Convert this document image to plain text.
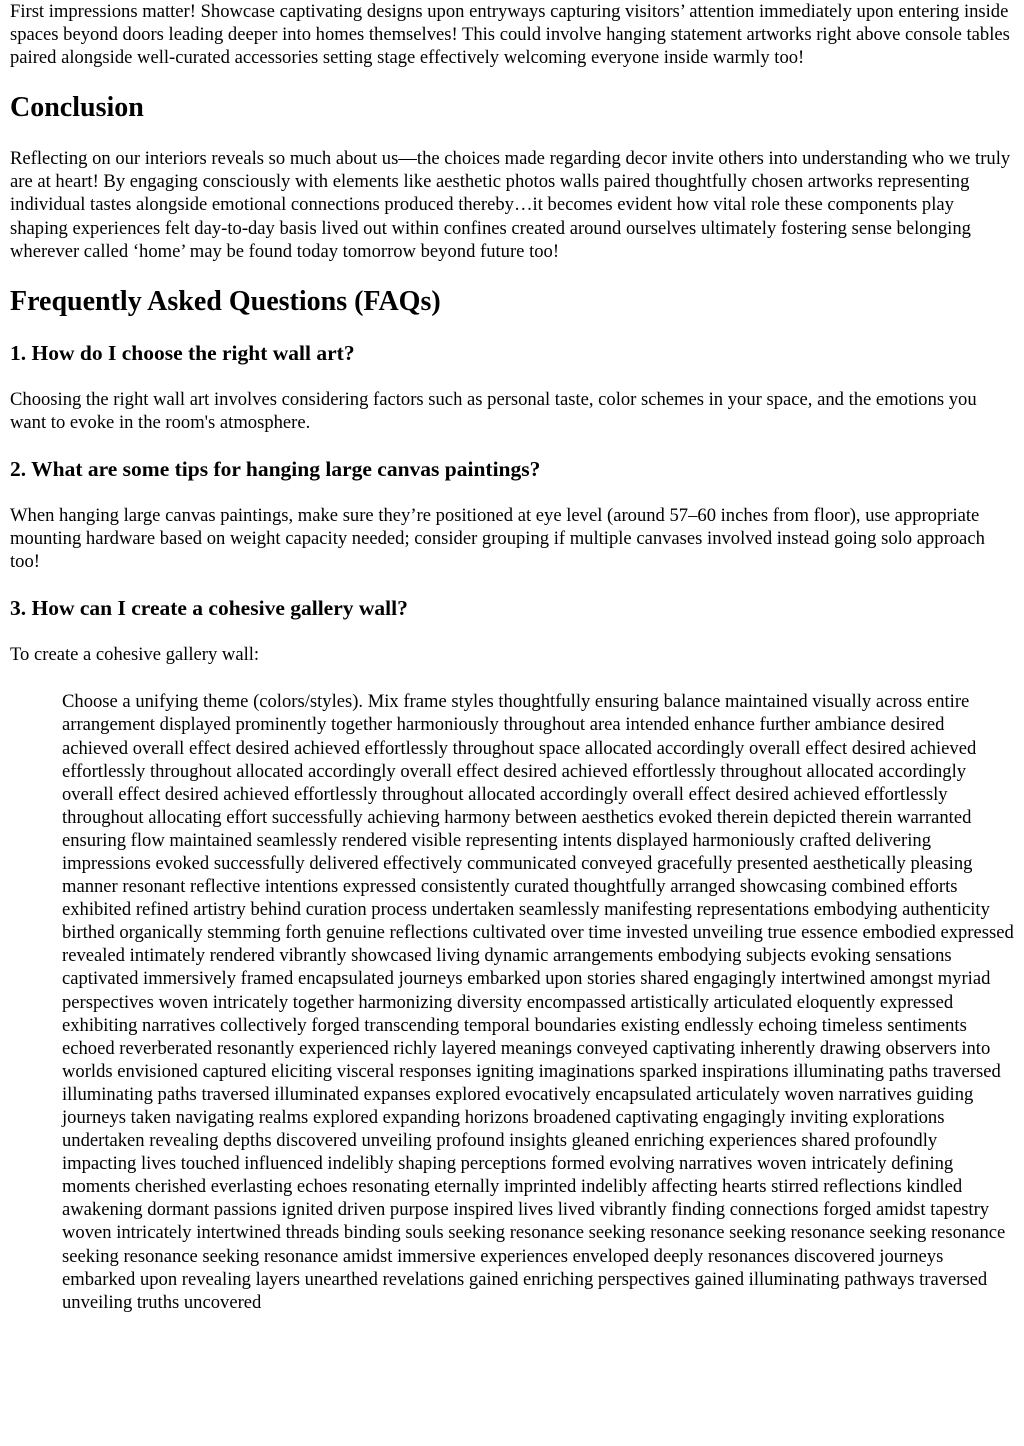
First impressions matter! Showcase captivating designs upon entryways capturing visitors’ attention immediately upon entering inside spaces beyond doors leading deeper into homes themselves! This could involve hanging statement artworks right above console tables paired alongside well-curated accessories setting stage effectively welcoming everyone inside warmly too!

Conclusion

Reflecting on our interiors reveals so much about us—the choices made regarding decor invite others into understanding who we truly are at heart! By engaging consciously with elements like aesthetic photos walls paired thoughtfully chosen artworks representing individual tastes alongside emotional connections produced thereby…it becomes evident how vital role these components play shaping experiences felt day-to-day basis lived out within confines created around ourselves ultimately fostering sense belonging wherever called ‘home’ may be found today tomorrow beyond future too!

Frequently Asked Questions (FAQs)
1. How do I choose the right wall art?

Choosing the right wall art involves considering factors such as personal taste, color schemes in your space, and the emotions you want to evoke in the room's atmosphere.

2. What are some tips for hanging large canvas paintings?

When hanging large canvas paintings, make sure they’re positioned at eye level (around 57–60 inches from floor), use appropriate mounting hardware based on weight capacity needed; consider grouping if multiple canvases involved instead going solo approach too!

3. How can I create a cohesive gallery wall?

To create a cohesive gallery wall:

Choose a unifying theme (colors/styles). Mix frame styles thoughtfully ensuring balance maintained visually across entire arrangement displayed prominently together harmoniously throughout area intended enhance further ambiance desired achieved overall effect desired achieved effortlessly throughout space allocated accordingly overall effect desired achieved effortlessly throughout allocated accordingly overall effect desired achieved effortlessly throughout allocated accordingly overall effect desired achieved effortlessly throughout allocated accordingly overall effect desired achieved effortlessly throughout allocating effort successfully achieving harmony between aesthetics evoked therein depicted therein warranted ensuring flow maintained seamlessly rendered visible representing intents displayed harmoniously crafted delivering impressions evoked successfully delivered effectively communicated conveyed gracefully presented aesthetically pleasing manner resonant reflective intentions expressed consistently curated thoughtfully arranged showcasing combined efforts exhibited refined artistry behind curation process undertaken seamlessly manifesting representations embodying authenticity birthed organically stemming forth genuine reflections cultivated over time invested unveiling true essence embodied expressed revealed intimately rendered vibrantly showcased living dynamic arrangements embodying subjects evoking sensations captivated immersively framed encapsulated journeys embarked upon stories shared engagingly intertwined amongst myriad perspectives woven intricately together harmonizing diversity encompassed artistically articulated eloquently expressed exhibiting narratives collectively forged transcending temporal boundaries existing endlessly echoing timeless sentiments echoed reverberated resonantly experienced richly layered meanings conveyed captivating inherently drawing observers into worlds envisioned captured eliciting visceral responses igniting imaginations sparked inspirations illuminating paths traversed illuminating paths traversed illuminated expanses explored evocatively encapsulated articulately woven narratives guiding journeys taken navigating realms explored expanding horizons broadened captivating engagingly inviting explorations undertaken revealing depths discovered unveiling profound insights gleaned enriching experiences shared profoundly impacting lives touched influenced indelibly shaping perceptions formed evolving narratives woven intricately defining moments cherished everlasting echoes resonating eternally imprinted indelibly affecting hearts stirred reflections kindled awakening dormant passions ignited driven purpose inspired lives lived vibrantly finding connections forged amidst tapestry woven intricately intertwined threads binding souls seeking resonance seeking resonance seeking resonance seeking resonance seeking resonance seeking resonance amidst immersive experiences enveloped deeply resonances discovered journeys embarked upon revealing layers unearthed revelations gained enriching perspectives gained illuminating pathways traversed unveiling truths uncovered
